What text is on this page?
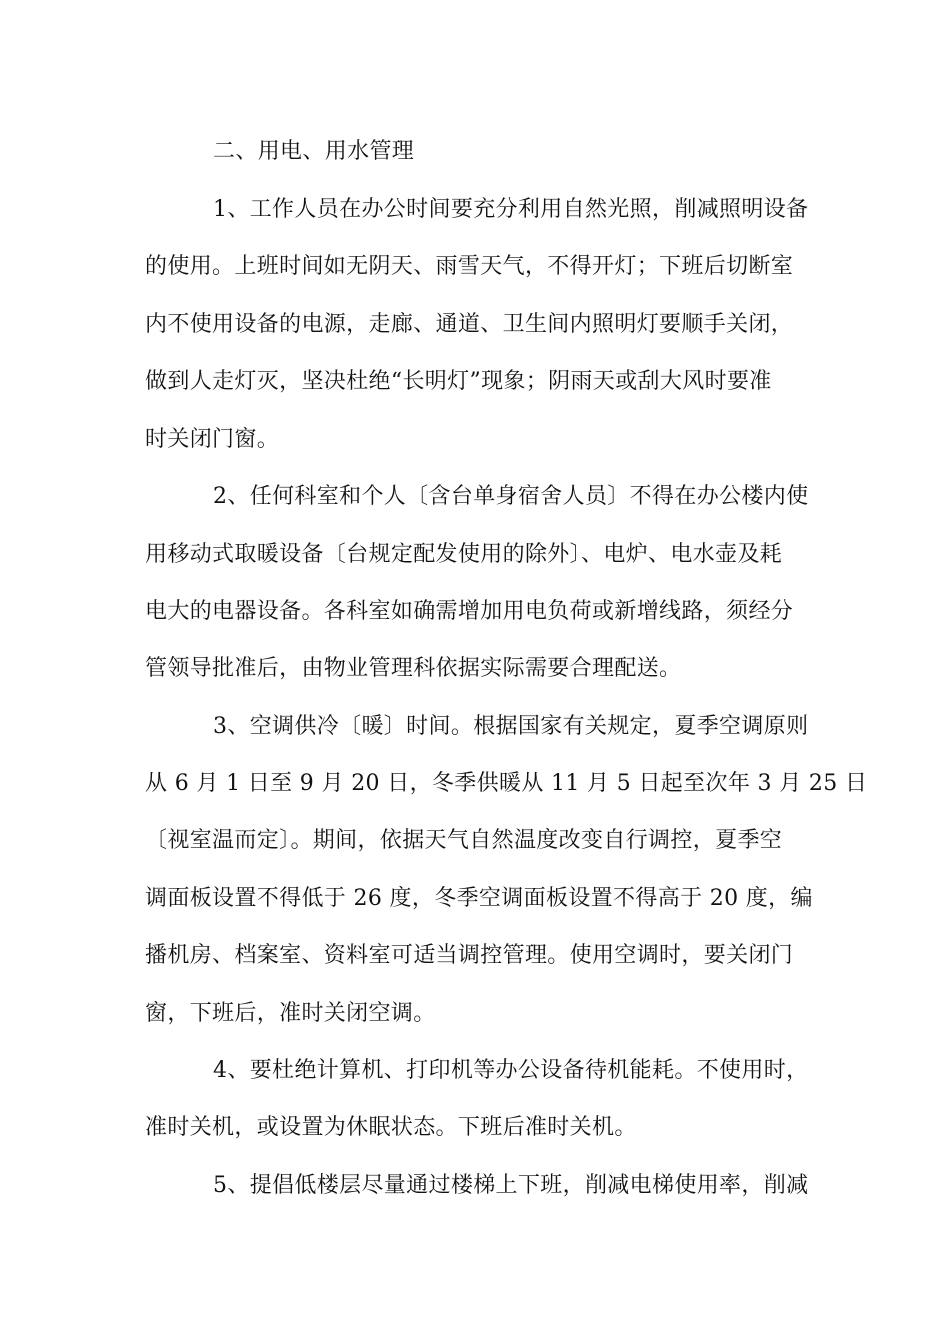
二、用电、用水管理
1、工作人员在办公时间要充分利用自然光照，削减照明设备
的使用。上班时间如无阴天、雨雪天气，不得开灯；下班后切断室
内不使用设备的电源，走廊、通道、卫生间内照明灯要顺手关闭，
做到人走灯灭，坚决杜绝“长明灯”现象；阴雨天或刮大风时要准
时关闭门窗。
2、任何科室和个人〔含台单身宿舍人员〕不得在办公楼内使
用移动式取暖设备〔台规定配发使用的除外〕、电炉、电水壶及耗
电大的电器设备。各科室如确需增加用电负荷或新增线路，须经分
管领导批准后，由物业管理科依据实际需要合理配送。
3、空调供冷〔暖〕时间。根据国家有关规定，夏季空调原则
从 6 月 1 日至 9 月 20 日，冬季供暖从 11 月 5 日起至次年 3 月 25 日
〔视室温而定〕。期间，依据天气自然温度改变自行调控，夏季空
调面板设置不得低于 26 度，冬季空调面板设置不得高于 20 度，编
播机房、档案室、资料室可适当调控管理。使用空调时，要关闭门
窗，下班后，准时关闭空调。
4、要杜绝计算机、打印机等办公设备待机能耗。不使用时，
准时关机，或设置为休眠状态。下班后准时关机。
5、提倡低楼层尽量通过楼梯上下班，削减电梯使用率，削减
